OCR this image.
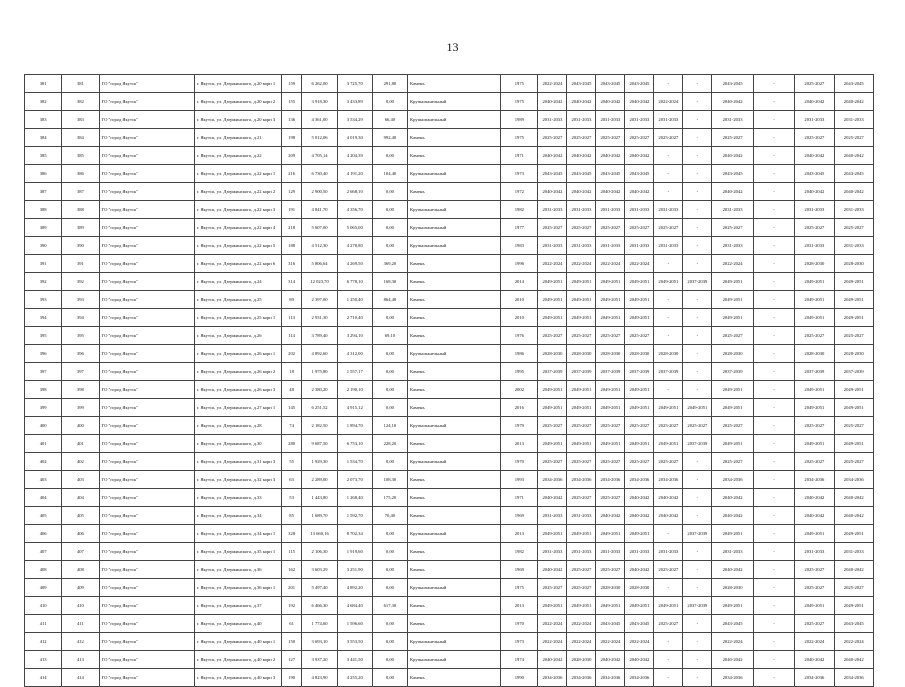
13
381	381	ГО "город Якутск"	г. Якутск, ул. Дзержинского, д.20 корп 1	159	6 262,00	3 725,70	291,80	Камень	1975	2022-2024	2043-2045	2043-2045	2043-2045	-	-	2043-2045	-	2025-2027	2043-2045
382	382	ГО "город Якутск"	г. Якутск, ул. Дзержинского, д.20 корп 2	155	3 918,30	3 433,89	0,00	Крупнопанельный	1975	2040-2042	2040-2042	2040-2042	2040-2042	2022-2024	-	2040-2042	-	2040-2042	2040-2042
383	383	ГО "город Якутск"	г. Якутск, ул. Дзержинского, д.20 корп 3	136	4 361,00	3 534,29	66,40	Крупнопанельный	1989	2031-2033	2031-2033	2031-2033	2031-2033	2031-2033	-	2031-2033	-	2031-2033	2031-2033
384	384	ГО "город Якутск"	г. Якутск, ул. Дзержинского, д.21	198	5 012,06	4 019,30	992,40	Камень	1975	2025-2027	2025-2027	2025-2027	2025-2027	2025-2027	-	2025-2027	-	2025-2027	2025-2027
385	385	ГО "город Якутск"	г. Якутск, ул. Дзержинского, д.22	209	4 705,14	4 204,39	0,00	Камень	1971	2040-2042	2040-2042	2040-2042	2040-2042	-	-	2040-2042	-	2040-2042	2040-2042
386	386	ГО "город Якутск"	г. Якутск, ул. Дзержинского, д.22 корп 1	216	6 730,40	4 191,20	104,40	Крупнопанельный	1973	2043-2045	2043-2045	2043-2045	2043-2045	-	-	2043-2045	-	2043-2045	2043-2045
387	387	ГО "город Якутск"	г. Якутск, ул. Дзержинского, д.22 корп 2	129	2 900,50	2 668,10	0,00	Камень	1972	2040-2042	2040-2042	2040-2042	2040-2042	-	-	2040-2042	-	2040-2042	2040-2042
388	388	ГО "город Якутск"	г. Якутск, ул. Дзержинского, д.22 корп 3	191	4 841,70	4 356,70	0,00	Крупнопанельный	1982	2031-2033	2031-2033	2031-2033	2031-2033	2031-2033	-	2031-2033	-	2031-2033	2031-2033
389	389	ГО "город Якутск"	г. Якутск, ул. Дзержинского, д.22 корп 4	218	5 607,00	5 065,00	0,00	Крупнопанельный	1977	2025-2027	2025-2027	2025-2027	2025-2027	2025-2027	-	2025-2027	-	2025-2027	2025-2027
390	390	ГО "город Якутск"	г. Якутск, ул. Дзержинского, д.22 корп 5	188	4 512,30	4 278,80	0,00	Крупнопанельный	1983	2031-2033	2031-2033	2031-2033	2031-2033	2031-2033	-	2031-2033	-	2031-2033	2031-2033
391	391	ГО "город Якутск"	г. Якутск, ул. Дзержинского, д.22 корп 6	316	5 806,64	4 269,50	369,20	Камень	1996	2022-2024	2022-2024	2022-2024	2022-2024	-	-	2022-2024	-	2028-2030	2028-2030
392	392	ГО "город Якутск"	г. Якутск, ул. Дзержинского, д.24	314	12 023,70	6 778,10	168,30	Камень	2014	2049-2051	2049-2051	2049-2051	2049-2051	2049-2051	2037-2039	2049-2051	-	2049-2051	2049-2051
393	393	ГО "город Якутск"	г. Якутск, ул. Дзержинского, д.25	80	2 397,00	1 250,40	864,40	Камень	2010	2049-2051	2049-2051	2049-2051	2049-2051	-	-	2049-2051	-	2049-2051	2049-2051
394	394	ГО "город Якутск"	г. Якутск, ул. Дзержинского, д.25 корп 1	113	2 931,30	2 710,40	0,00	Камень	2010	2049-2051	2049-2051	2049-2051	2049-2051	-	-	2049-2051	-	2049-2051	2049-2051
395	395	ГО "город Якутск"	г. Якутск, ул. Дзержинского, д.26	114	3 789,40	3 294,10	69,10	Камень	1976	2025-2027	2025-2027	2025-2027	2025-2027	-	-	2025-2027	-	2025-2027	2025-2027
396	396	ГО "город Якутск"	г. Якутск, ул. Дзержинского, д.26 корп 1	202	4 892,60	4 312,00	0,00	Крупнопанельный	1986	2028-2030	2028-2030	2028-2030	2028-2030	2028-2030	-	2028-2030	-	2028-2030	2028-2030
397	397	ГО "город Якутск"	г. Якутск, ул. Дзержинского, д.26 корп 2	18	1 975,80	1 557,17	0,00	Камень	1995	2037-2039	2037-2039	2037-2039	2037-2039	2037-2039	-	2037-2039	-	2037-2039	2037-2039
398	398	ГО "город Якутск"	г. Якутск, ул. Дзержинского, д.26 корп 3	48	2 380,20	2 190,10	0,00	Камень	2002	2049-2051	2049-2051	2049-2051	2049-2051	-	-	2049-2051	-	2049-2051	2049-2051
399	399	ГО "город Якутск"	г. Якутск, ул. Дзержинского, д.27 корп 1	145	6 251,52	4 915,12	0,00	Камень	2016	2049-2051	2049-2051	2049-2051	2049-2051	2049-2051	2049-2051	2049-2051	-	2049-2051	2049-2051
400	400	ГО "город Якутск"	г. Якутск, ул. Дзержинского, д.28	74	2 182,50	1 894,70	124,10	Крупнопанельный	1979	2025-2027	2025-2027	2025-2027	2025-2027	2025-2027	2025-2027	2025-2027	-	2025-2027	2025-2027
401	401	ГО "город Якутск"	г. Якутск, ул. Дзержинского, д.30	280	9 687,50	6 753,10	228,20	Камень	2013	2049-2051	2049-2051	2049-2051	2049-2051	2049-2051	2037-2039	2049-2051	-	2049-2051	2049-2051
402	402	ГО "город Якутск"	г. Якутск, ул. Дзержинского, д.31 корп 3	55	1 929,30	1 534,70	0,00	Крупнопанельный	1970	2025-2027	2025-2027	2025-2027	2025-2027	2025-2027	-	2025-2027	-	2025-2027	2025-2027
403	403	ГО "город Якутск"	г. Якутск, ул. Дзержинского, д.32 корп 3	63	2 289,00	2 073,70	108,30	Камень	1993	2034-2036	2034-2036	2034-2036	2034-2036	2034-2036	-	2034-2036	-	2034-2036	2034-2036
404	404	ГО "город Якутск"	г. Якутск, ул. Дзержинского, д.33	53	1 443,80	1 268,40	175,20	Камень	1971	2040-2042	2025-2027	2025-2027	2040-2042	2040-2042	-	2040-2042	-	2040-2042	2040-2042
405	405	ГО "город Якутск"	г. Якутск, ул. Дзержинского, д.34	85	1 689,70	1 592,70	70,40	Камень	1969	2031-2033	2031-2033	2040-2042	2040-2042	2040-2042	-	2040-2042	-	2040-2042	2040-2042
406	406	ГО "город Якутск"	г. Якутск, ул. Дзержинского, д.34 корп 1	328	13 660,16	8 702,34	0,00	Крупнопанельный	2013	2049-2051	2049-2051	2049-2051	2049-2051	-	2037-2039	2049-2051	-	2049-2051	2049-2051
407	407	ГО "город Якутск"	г. Якутск, ул. Дзержинского, д.35 корп 1	115	2 106,30	1 919,60	0,00	Камень	1982	2031-2033	2031-2033	2031-2033	2031-2033	2031-2033	-	2031-2033	-	2031-2033	2031-2033
408	408	ГО "город Якутск"	г. Якутск, ул. Дзержинского, д.36	162	3 603,29	3 251,90	0,00	Камень	1969	2040-2042	2025-2027	2025-2027	2040-2042	2025-2027	-	2040-2042	-	2025-2027	2040-2042
409	409	ГО "город Якутск"	г. Якутск, ул. Дзержинского, д.36 корп 1	201	5 497,40	4 892,20	0,00	Крупнопанельный	1975	2025-2027	2025-2027	2028-2030	2028-2030	-	-	2028-2030	-	2025-2027	2025-2027
410	410	ГО "город Якутск"	г. Якутск, ул. Дзержинского, д.37	192	6 466,30	4 684,40	617,30	Камень	2013	2049-2051	2049-2051	2049-2051	2049-2051	2049-2051	2037-2039	2049-2051	-	2049-2051	2049-2051
411	411	ГО "город Якутск"	г. Якутск, ул. Дзержинского, д.40	61	1 774,60	1 596,60	0,00	Камень	1970	2022-2024	2022-2024	2043-2045	2043-2045	2025-2027	-	2043-2045	-	2025-2027	2043-2045
412	412	ГО "город Якутск"	г. Якутск, ул. Дзержинского, д.40 корп 1	150	3 693,10	3 553,50	0,00	Крупнопанельный	1973	2022-2024	2022-2024	2022-2024	2022-2024	-	-	2022-2024	-	2022-2024	2022-2024
413	413	ГО "город Якутск"	г. Якутск, ул. Дзержинского, д.40 корп 2	127	3 937,20	3 441,50	0,00	Крупнопанельный	1974	2040-2042	2028-2030	2040-2042	2040-2042	-	-	2040-2042	-	2040-2042	2040-2042
414	414	ГО "город Якутск"	г. Якутск, ул. Дзержинского, д.40 корп 3	190	4 823,90	4 255,20	0,00	Камень	1990	2034-2036	2034-2036	2034-2036	2034-2036	-	-	2034-2036	-	2034-2036	2034-2036
